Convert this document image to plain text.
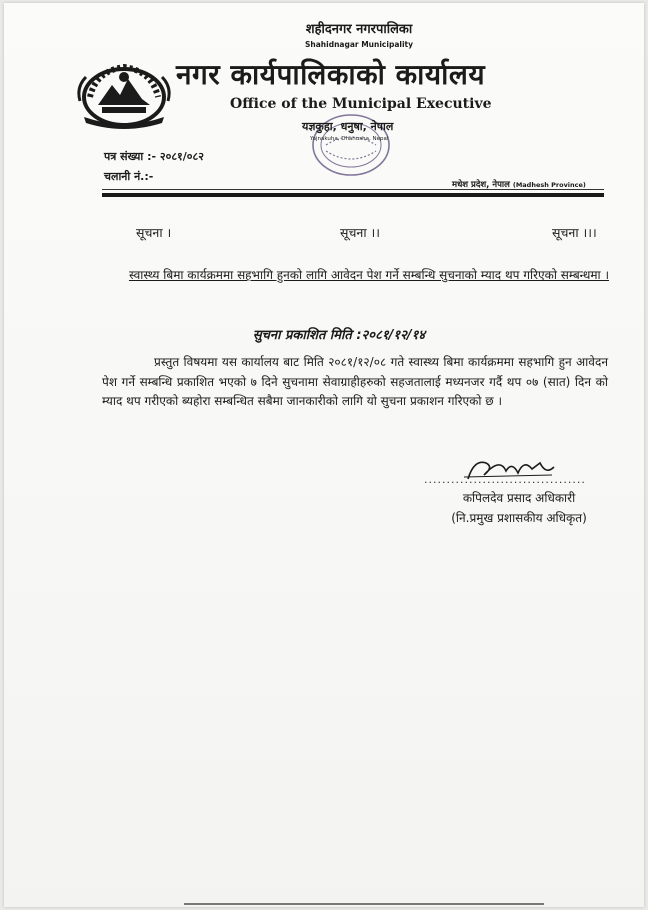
शहीदनगर नगरपालिका
Shahidnagar Municipality
नगर कार्यपालिकाको कार्यालय
Office of the Municipal Executive
यज्ञकुहा, धनुषा, नेपाल
Yajnakuha, Dhanusha, Nepal
पत्र संख्या :- २०८१/०८२
चलानी नं.:-
मधेश प्रदेश, नेपाल (Madhesh Province)
सूचना ।	सूचना ।।	सूचना ।।।
स्वास्थ्य बिमा कार्यक्रममा सहभागि हुनको लागि आवेदन पेश गर्ने सम्बन्धि सुचनाको म्याद थप गरिएको सम्बन्धमा ।
सुचना प्रकाशित मिति :२०८१/१२/१४
प्रस्तुत विषयमा यस कार्यालय बाट मिति २०८१/१२/०८ गते स्वास्थ्य बिमा कार्यक्रममा सहभागि हुन आवेदन पेश गर्ने सम्बन्धि प्रकाशित भएको ७ दिने सुचनामा सेवाग्राहीहरुको सहजतालाई मध्यनजर गर्दै थप ०७ (सात) दिन को म्याद थप गरीएको ब्यहोरा सम्बन्धित सबैमा जानकारीको लागि यो सुचना प्रकाशन गरिएको छ ।
....................................
कपिलदेव प्रसाद अधिकारी
(नि.प्रमुख प्रशासकीय अधिकृत)
